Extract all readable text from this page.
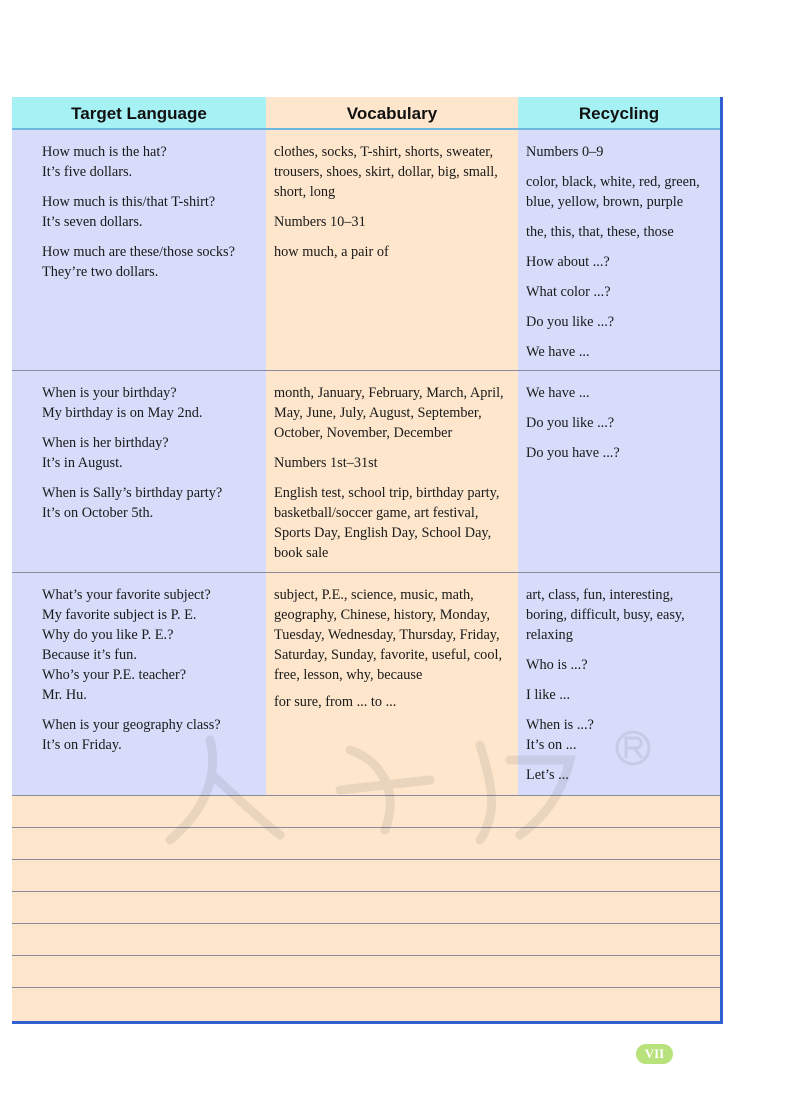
Target Language	Vocabulary	Recycling

How much is the hat?
It’s five dollars.

How much is this/that T-shirt?
It’s seven dollars.

How much are these/those socks?
They’re two dollars.

clothes, socks, T-shirt, shorts, sweater,
trousers, shoes, skirt, dollar, big, small,
short, long

Numbers 10–31

how much, a pair of

Numbers 0–9

color, black, white, red, green,
blue, yellow, brown, purple

the, this, that, these, those

How about ...?

What color ...?

Do you like ...?

We have ...

When is your birthday?
My birthday is on May 2nd.

When is her birthday?
It’s in August.

When is Sally’s birthday party?
It’s on October 5th.

month, January, February, March, April,
May, June, July, August, September,
October, November, December

Numbers 1st–31st

English test, school trip, birthday party,
basketball/soccer game, art festival,
Sports Day, English Day, School Day,
book sale

We have ...

Do you like ...?

Do you have ...?

What’s your favorite subject?
My favorite subject is P. E.
Why do you like P. E.?
Because it’s fun.
Who’s your P.E. teacher?
Mr. Hu.

When is your geography class?
It’s on Friday.

subject, P.E., science, music, math,
geography, Chinese, history, Monday,
Tuesday, Wednesday, Thursday, Friday,
Saturday, Sunday, favorite, useful, cool,
free, lesson, why, because

for sure, from ... to ...

art, class, fun, interesting,
boring, difficult, busy, easy,
relaxing

Who is ...?

I like ...

When is ...?
It’s on ...

Let’s ...

VII
